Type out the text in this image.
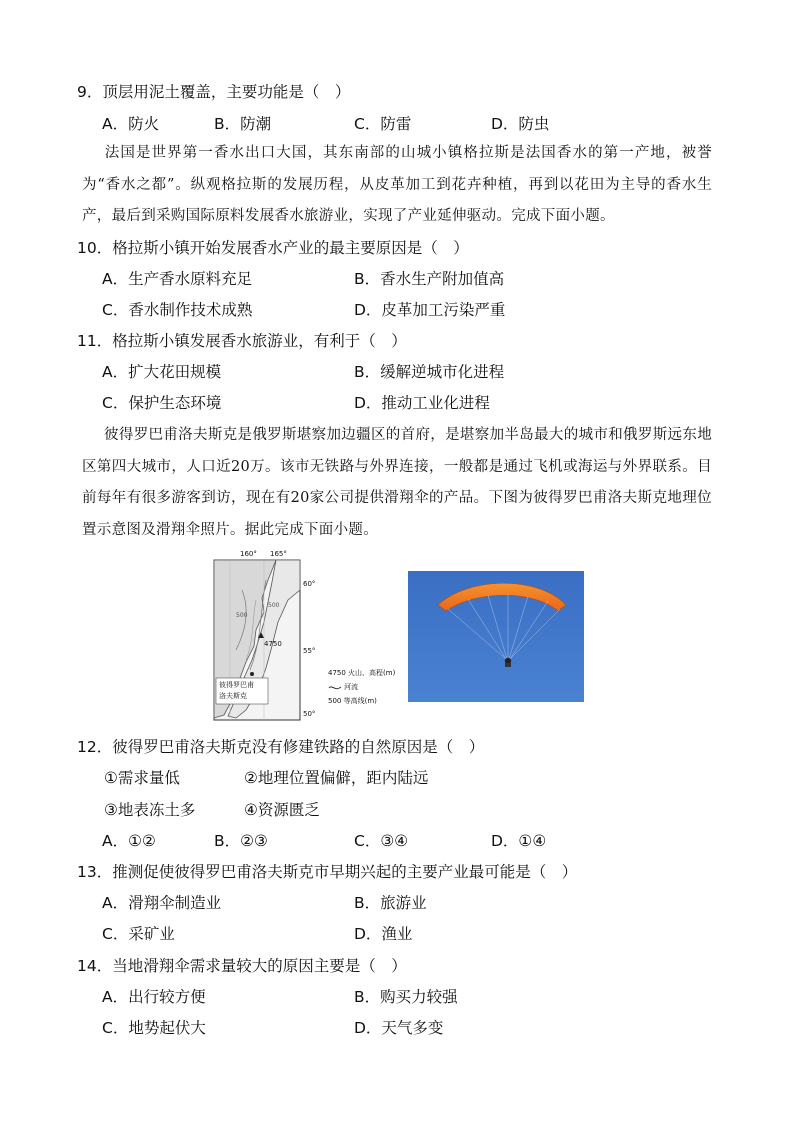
9．顶层用泥土覆盖，主要功能是（　）
A．防火	B．防潮	C．防雷	D．防虫
法国是世界第一香水出口大国，其东南部的山城小镇格拉斯是法国香水的第一产地，被誉为“香水之都”。纵观格拉斯的发展历程，从皮革加工到花卉种植，再到以花田为主导的香水生产，最后到采购国际原料发展香水旅游业，实现了产业延伸驱动。完成下面小题。
10．格拉斯小镇开始发展香水产业的最主要原因是（　）
A．生产香水原料充足	B．香水生产附加值高
C．香水制作技术成熟	D．皮革加工污染严重
11．格拉斯小镇发展香水旅游业，有利于（　）
A．扩大花田规模	B．缓解逆城市化进程
C．保护生态环境	D．推动工业化进程
彼得罗巴甫洛夫斯克是俄罗斯堪察加边疆区的首府，是堪察加半岛最大的城市和俄罗斯远东地区第四大城市，人口近20万。该市无铁路与外界连接，一般都是通过飞机或海运与外界联系。目前每年有很多游客到访，现在有20家公司提供滑翔伞的产品。下图为彼得罗巴甫洛夫斯克地理位置示意图及滑翔伞照片。据此完成下面小题。
160° 165°
60°
55°
50°
4750
500
500
彼得罗巴甫
洛夫斯克
4750 火山、高程(m)
河流
500 等高线(m)
12．彼得罗巴甫洛夫斯克没有修建铁路的自然原因是（　）
①需求量低	②地理位置偏僻，距内陆远
③地表冻土多	④资源匮乏
A．①②	B．②③	C．③④	D．①④
13．推测促使彼得罗巴甫洛夫斯克市早期兴起的主要产业最可能是（　）
A．滑翔伞制造业	B．旅游业
C．采矿业	D．渔业
14．当地滑翔伞需求量较大的原因主要是（　）
A．出行较方便	B．购买力较强
C．地势起伏大	D．天气多变
